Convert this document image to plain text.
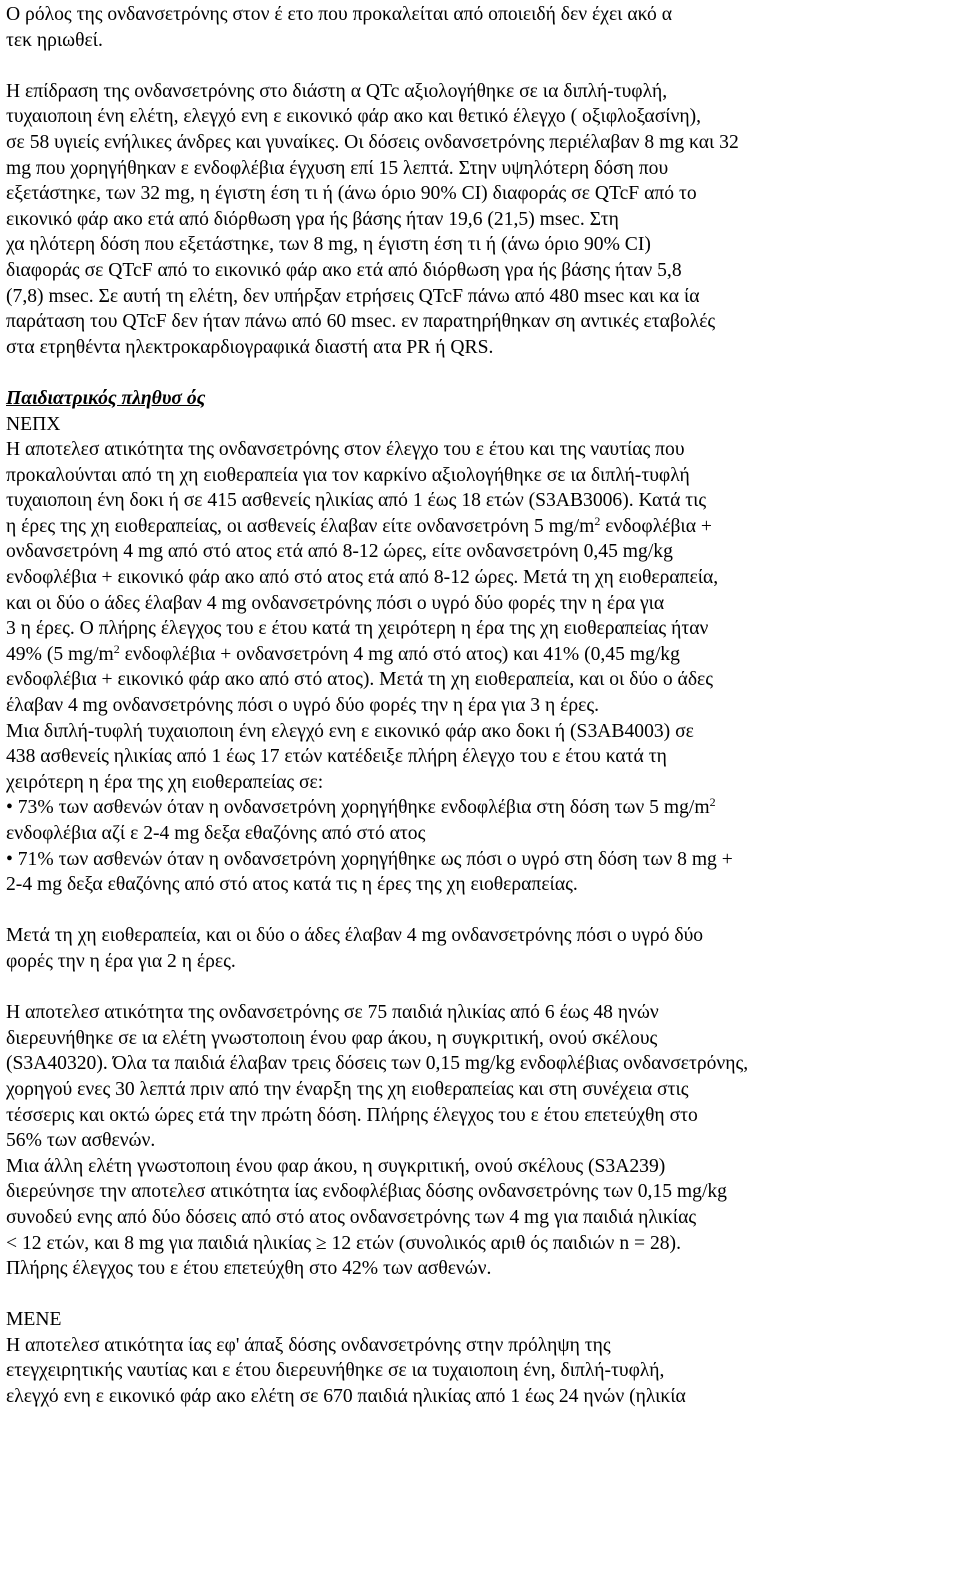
Ο ρόλος της ονδανσετρόνης στον έ ετο που προκαλείται από οποιειδή δεν έχει ακό α
τεκ ηριωθεί.
Η επίδραση της ονδανσετρόνης στο διάστη α QTc αξιολογήθηκε σε ια διπλή-τυφλή,
τυχαιοποιη ένη ελέτη, ελεγχό ενη ε εικονικό φάρ ακο και θετικό έλεγχο ( οξιφλοξασίνη),
σε 58 υγιείς ενήλικες άνδρες και γυναίκες. Οι δόσεις ονδανσετρόνης περιέλαβαν 8 mg και 32
mg που χορηγήθηκαν ε ενδοφλέβια έγχυση επί 15 λεπτά. Στην υψηλότερη δόση που
εξετάστηκε, των 32 mg, η έγιστη έση τι ή (άνω όριο 90% CI) διαφοράς σε QTcF από το
εικονικό φάρ ακο ετά από διόρθωση γρα ής βάσης ήταν 19,6 (21,5) msec. Στη
χα ηλότερη δόση που εξετάστηκε, των 8 mg, η έγιστη έση τι ή (άνω όριο 90% CI)
διαφοράς σε QTcF από το εικονικό φάρ ακο ετά από διόρθωση γρα ής βάσης ήταν 5,8
(7,8) msec. Σε αυτή τη ελέτη, δεν υπήρξαν ετρήσεις QTcF πάνω από 480 msec και κα ία
παράταση του QTcF δεν ήταν πάνω από 60 msec. εν παρατηρήθηκαν ση αντικές εταβολές
στα ετρηθέντα ηλεκτροκαρδιογραφικά διαστή ατα PR ή QRS.
Παιδιατρικός πληθυσ ός
ΝΕΠΧ
Η αποτελεσ ατικότητα της ονδανσετρόνης στον έλεγχο του ε έτου και της ναυτίας που
προκαλούνται από τη χη ειοθεραπεία για τον καρκίνο αξιολογήθηκε σε ια διπλή-τυφλή
τυχαιοποιη ένη δοκι ή σε 415 ασθενείς ηλικίας από 1 έως 18 ετών (S3AB3006). Κατά τις
η έρες της χη ειοθεραπείας, οι ασθενείς έλαβαν είτε ονδανσετρόνη 5 $mg/m^2$ ενδοφλέβια +
ονδανσετρόνη 4 mg από στό ατος ετά από 8-12 ώρες, είτε ονδανσετρόνη 0,45 mg/kg
ενδοφλέβια + εικονικό φάρ ακο από στό ατος ετά από 8-12 ώρες. Μετά τη χη ειοθεραπεία,
και οι δύο ο άδες έλαβαν 4 mg ονδανσετρόνης πόσι ο υγρό δύο φορές την η έρα για
3 η έρες. Ο πλήρης έλεγχος του ε έτου κατά τη χειρότερη η έρα της χη ειοθεραπείας ήταν
49% (5 $mg/m^2$ ενδοφλέβια + ονδανσετρόνη 4 mg από στό ατος) και 41% (0,45 mg/kg
ενδοφλέβια + εικονικό φάρ ακο από στό ατος). Μετά τη χη ειοθεραπεία, και οι δύο ο άδες
έλαβαν 4 mg ονδανσετρόνης πόσι ο υγρό δύο φορές την η έρα για 3 η έρες.
Μια διπλή-τυφλή τυχαιοποιη ένη ελεγχό ενη ε εικονικό φάρ ακο δοκι ή (S3AB4003) σε
438 ασθενείς ηλικίας από 1 έως 17 ετών κατέδειξε πλήρη έλεγχο του ε έτου κατά τη
χειρότερη η έρα της χη ειοθεραπείας σε:
• 73% των ασθενών όταν η ονδανσετρόνη χορηγήθηκε ενδοφλέβια στη δόση των 5 $mg/m^2$
ενδοφλέβια αζί ε 2-4 mg δεξα εθαζόνης από στό ατος
• 71% των ασθενών όταν η ονδανσετρόνη χορηγήθηκε ως πόσι ο υγρό στη δόση των 8 mg +
2-4 mg δεξα εθαζόνης από στό ατος κατά τις η έρες της χη ειοθεραπείας.
Μετά τη χη ειοθεραπεία, και οι δύο ο άδες έλαβαν 4 mg ονδανσετρόνης πόσι ο υγρό δύο
φορές την η έρα για 2 η έρες.
Η αποτελεσ ατικότητα της ονδανσετρόνης σε 75 παιδιά ηλικίας από 6 έως 48 ηνών
διερευνήθηκε σε ια ελέτη γνωστοποιη ένου φαρ άκου, η συγκριτική, ονού σκέλους
(S3A40320). Όλα τα παιδιά έλαβαν τρεις δόσεις των 0,15 mg/kg ενδοφλέβιας ονδανσετρόνης,
χορηγού ενες 30 λεπτά πριν από την έναρξη της χη ειοθεραπείας και στη συνέχεια στις
τέσσερις και οκτώ ώρες ετά την πρώτη δόση. Πλήρης έλεγχος του ε έτου επετεύχθη στο
56% των ασθενών.
Μια άλλη ελέτη γνωστοποιη ένου φαρ άκου, η συγκριτική, ονού σκέλους (S3A239)
διερεύνησε την αποτελεσ ατικότητα ίας ενδοφλέβιας δόσης ονδανσετρόνης των 0,15 mg/kg
συνοδεύ ενης από δύο δόσεις από στό ατος ονδανσετρόνης των 4 mg για παιδιά ηλικίας
< 12 ετών, και 8 mg για παιδιά ηλικίας ≥ 12 ετών (συνολικός αριθ ός παιδιών n = 28).
Πλήρης έλεγχος του ε έτου επετεύχθη στο 42% των ασθενών.
ΜΕΝΕ
Η αποτελεσ ατικότητα ίας εφ' άπαξ δόσης ονδανσετρόνης στην πρόληψη της
ετεγχειρητικής ναυτίας και ε έτου διερευνήθηκε σε ια τυχαιοποιη ένη, διπλή-τυφλή,
ελεγχό ενη ε εικονικό φάρ ακο ελέτη σε 670 παιδιά ηλικίας από 1 έως 24 ηνών (ηλικία
